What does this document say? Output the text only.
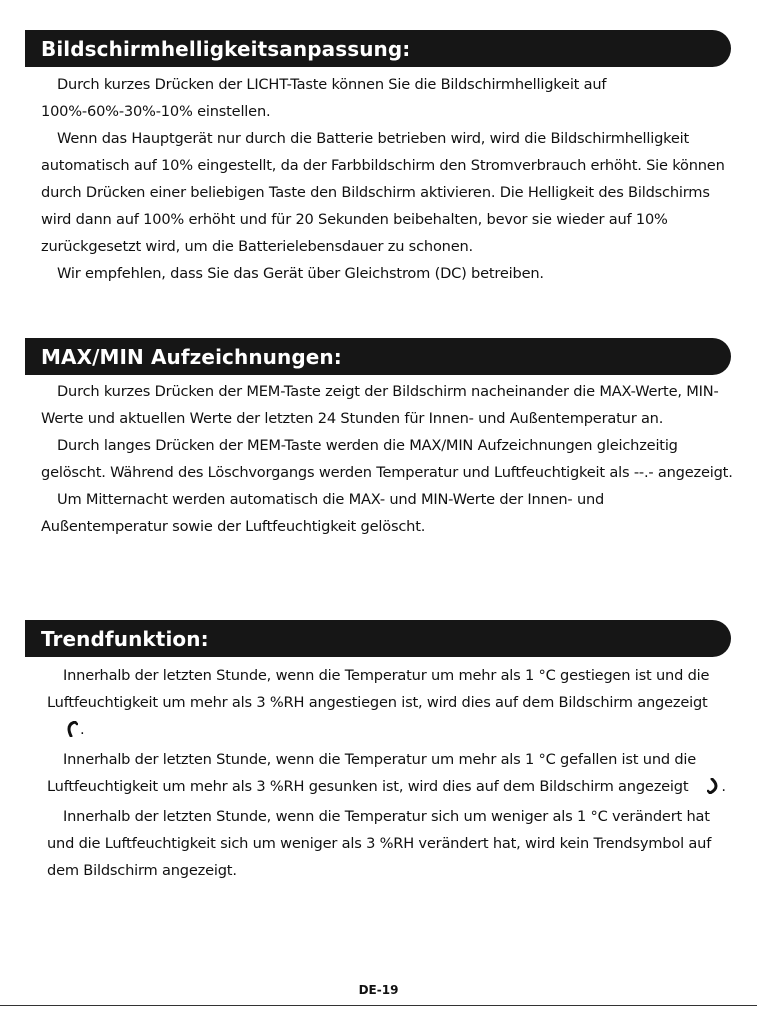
Bildschirmhelligkeitsanpassung:

Durch kurzes Drücken der LICHT-Taste können Sie die Bildschirmhelligkeit auf 100%-60%-30%-10% einstellen.

Wenn das Hauptgerät nur durch die Batterie betrieben wird, wird die Bildschirmhelligkeit automatisch auf 10% eingestellt, da der Farbbildschirm den Stromverbrauch erhöht. Sie können durch Drücken einer beliebigen Taste den Bildschirm aktivieren. Die Helligkeit des Bildschirms wird dann auf 100% erhöht und für 20 Sekunden beibehalten, bevor sie wieder auf 10% zurückgesetzt wird, um die Batterielebensdauer zu schonen.

Wir empfehlen, dass Sie das Gerät über Gleichstrom (DC) betreiben.

MAX/MIN Aufzeichnungen:

Durch kurzes Drücken der MEM-Taste zeigt der Bildschirm nacheinander die MAX-Werte, MIN-Werte und aktuellen Werte der letzten 24 Stunden für Innen- und Außentemperatur an.

Durch langes Drücken der MEM-Taste werden die MAX/MIN Aufzeichnungen gleichzeitig gelöscht. Während des Löschvorgangs werden Temperatur und Luftfeuchtigkeit als --.- angezeigt.

Um Mitternacht werden automatisch die MAX- und MIN-Werte der Innen- und Außentemperatur sowie der Luftfeuchtigkeit gelöscht.

Trendfunktion:

Innerhalb der letzten Stunde, wenn die Temperatur um mehr als 1 °C gestiegen ist und die Luftfeuchtigkeit um mehr als 3 %RH angestiegen ist, wird dies auf dem Bildschirm angezeigt.

Innerhalb der letzten Stunde, wenn die Temperatur um mehr als 1 °C gefallen ist und die Luftfeuchtigkeit um mehr als 3 %RH gesunken ist, wird dies auf dem Bildschirm angezeigt .

Innerhalb der letzten Stunde, wenn die Temperatur sich um weniger als 1 °C verändert hat und die Luftfeuchtigkeit sich um weniger als 3 %RH verändert hat, wird kein Trendsymbol auf dem Bildschirm angezeigt.

DE-19
